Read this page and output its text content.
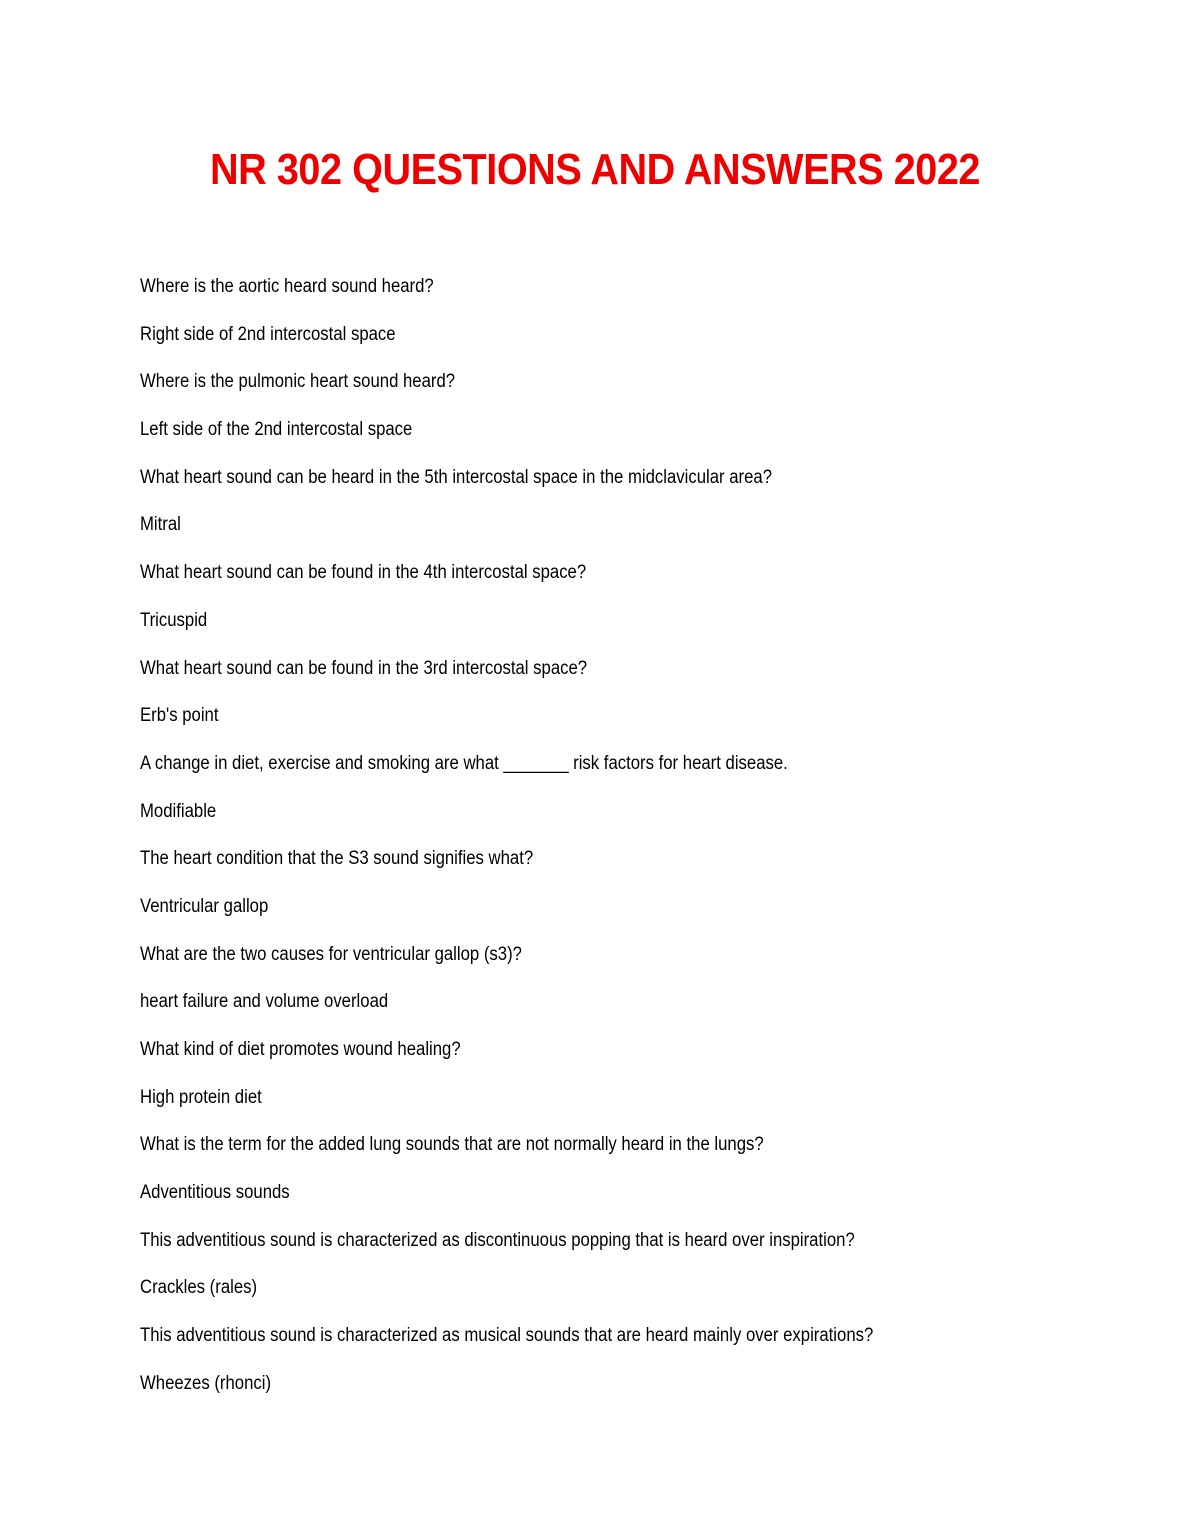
NR 302 QUESTIONS AND ANSWERS 2022
Where is the aortic heard sound heard?
Right side of 2nd intercostal space
Where is the pulmonic heart sound heard?
Left side of the 2nd intercostal space
What heart sound can be heard in the 5th intercostal space in the midclavicular area?
Mitral
What heart sound can be found in the 4th intercostal space?
Tricuspid
What heart sound can be found in the 3rd intercostal space?
Erb's point
A change in diet, exercise and smoking are what _______ risk factors for heart disease.
Modifiable
The heart condition that the S3 sound signifies what?
Ventricular gallop
What are the two causes for ventricular gallop (s3)?
heart failure and volume overload
What kind of diet promotes wound healing?
High protein diet
What is the term for the added lung sounds that are not normally heard in the lungs?
Adventitious sounds
This adventitious sound is characterized as discontinuous popping that is heard over inspiration?
Crackles (rales)
This adventitious sound is characterized as musical sounds that are heard mainly over expirations?
Wheezes (rhonci)
